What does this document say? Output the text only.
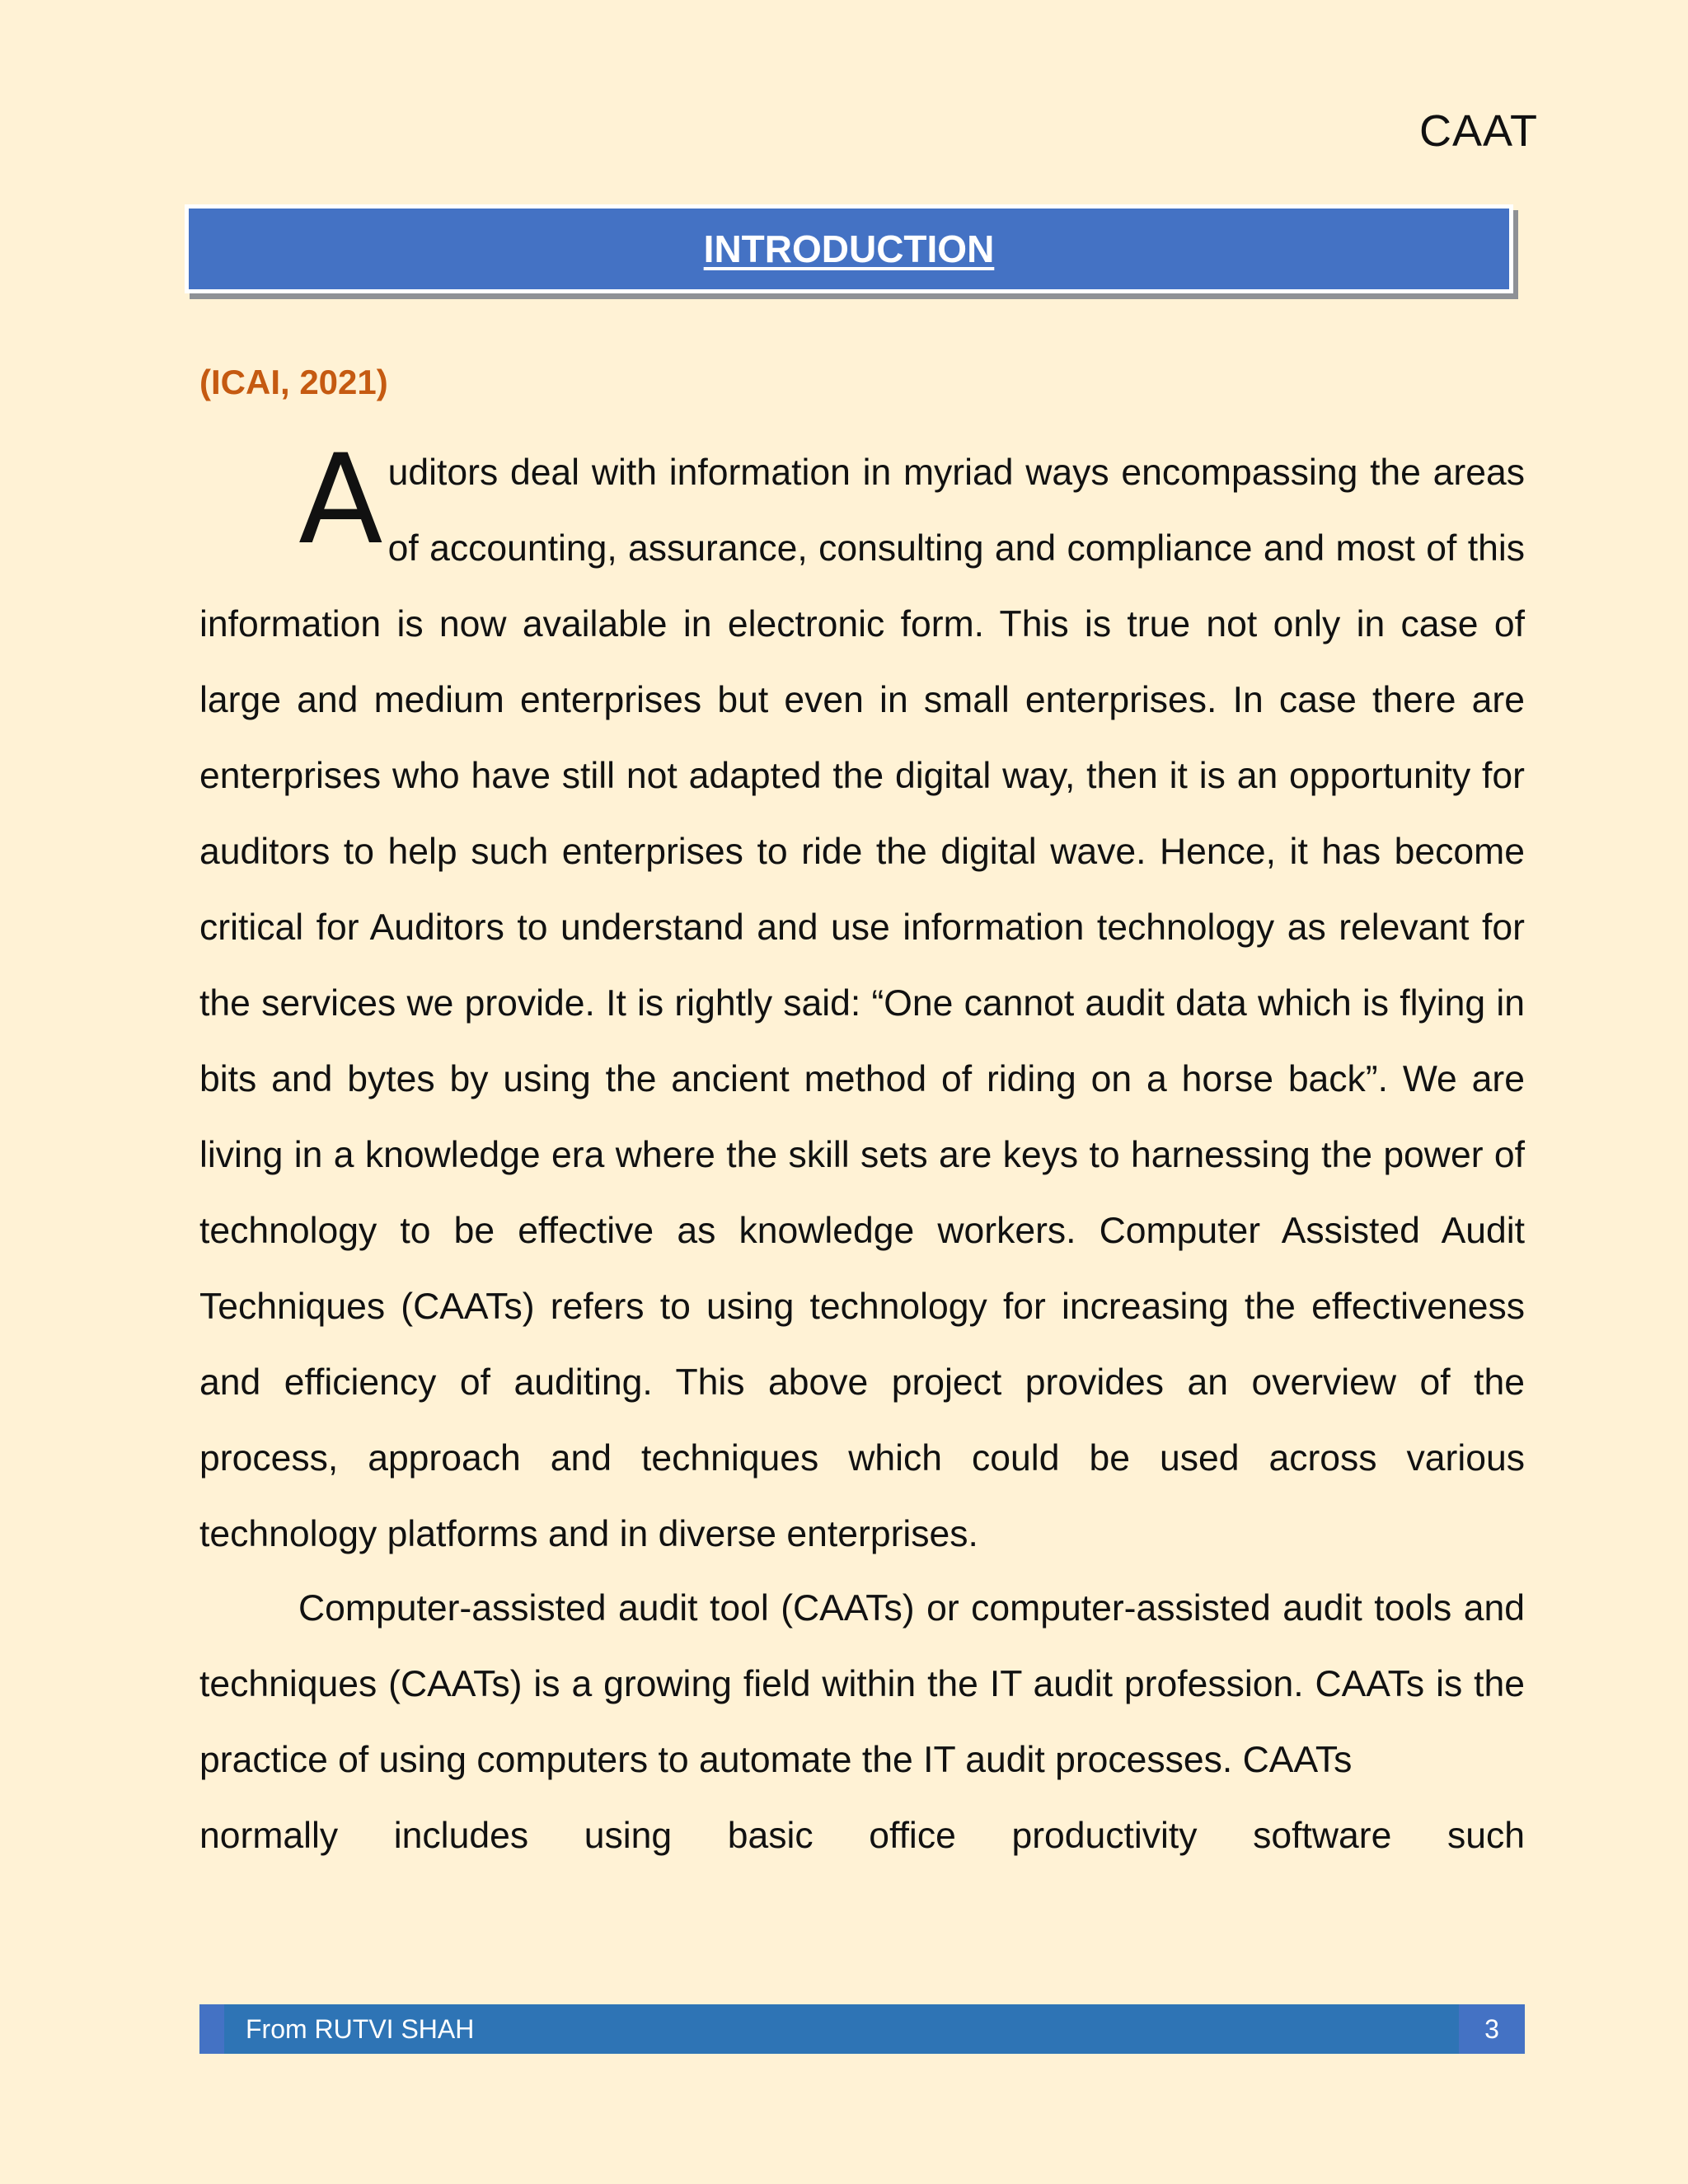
CAAT
INTRODUCTION
(ICAI, 2021)
A uditors deal with information in myriad ways encompassing the areas of accounting, assurance, consulting and compliance and most of this information is now available in electronic form. This is true not only in case of large and medium enterprises but even in small enterprises. In case there are enterprises who have still not adapted the digital way, then it is an opportunity for auditors to help such enterprises to ride the digital wave. Hence, it has become critical for Auditors to understand and use information technology as relevant for the services we provide. It is rightly said: “One cannot audit data which is flying in bits and bytes by using the ancient method of riding on a horse back”. We are living in a knowledge era where the skill sets are keys to harnessing the power of technology to be effective as knowledge workers. Computer Assisted Audit Techniques (CAATs) refers to using technology for increasing the effectiveness and efficiency of auditing. This above project provides an overview of the process, approach and techniques which could be used across various technology platforms and in diverse enterprises.
Computer-assisted audit tool (CAATs) or computer-assisted audit tools and techniques (CAATs) is a growing field within the IT audit profession. CAATs is the practice of using computers to automate the IT audit processes. CAATs
normally includes using basic office productivity software such
From RUTVI SHAH	3
